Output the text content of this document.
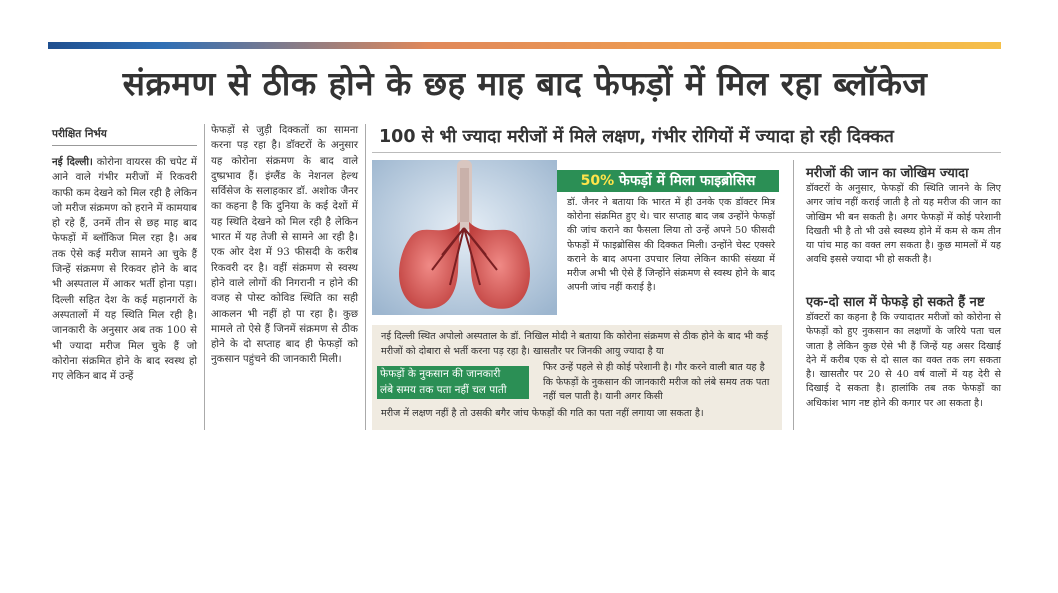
संक्रमण से ठीक होने के छह माह बाद फेफड़ों में मिल रहा ब्लॉकेज
परीक्षित निर्भय
नई दिल्ली। कोरोना वायरस की चपेट में आने वाले गंभीर मरीजों में रिकवरी काफी कम देखने को मिल रही है लेकिन जो मरीज संक्रमण को हराने में कामयाब हो रहे हैं, उनमें तीन से छह माह बाद फेफड़ों में ब्लॉकिज मिल रहा है। अब तक ऐसे कई मरीज सामने आ चुके हैं जिन्हें संक्रमण से रिकवर होने के बाद भी अस्पताल में आकर भर्ती होना पड़ा। दिल्ली सहित देश के कई महानगरों के अस्पतालों में यह स्थिति मिल रही है। जानकारी के अनुसार अब तक 100 से भी ज्यादा मरीज मिल चुके हैं जो कोरोना संक्रमित होने के बाद स्वस्थ हो गए लेकिन बाद में उन्हें
फेफड़ों से जुड़ी दिक्कतों का सामना करना पड़ रहा है। डॉक्टरों के अनुसार यह कोरोना संक्रमण के बाद वाले दुष्प्रभाव हैं। इंग्लैंड के नेशनल हेल्थ सर्विसेज के सलाहकार डॉ. अशोक जैनर का कहना है कि दुनिया के कई देशों में यह स्थिति देखने को मिल रही है लेकिन भारत में यह तेजी से सामने आ रही है। एक ओर देश में 93 फीसदी के करीब रिकवरी दर है। वहीं संक्रमण से स्वस्थ होने वाले लोगों की निगरानी न होने की वजह से पोस्ट कोविड स्थिति का सही आकलन भी नहीं हो पा रहा है। कुछ मामले तो ऐसे हैं जिनमें संक्रमण से ठीक होने के दो सप्ताह बाद ही फेफड़ों को नुकसान पहुंचने की जानकारी मिली।
100 से भी ज्यादा मरीजों में मिले लक्षण, गंभीर रोगियों में ज्यादा हो रही दिक्कत
50% फेफड़ों में मिला फाइब्रोसिस
डॉ. जैनर ने बताया कि भारत में ही उनके एक डॉक्टर मित्र कोरोना संक्रमित हुए थे। चार सप्ताह बाद जब उन्होंने फेफड़ों की जांच कराने का फैसला लिया तो उन्हें अपने 50 फीसदी फेफड़ों में फाइब्रोसिस की दिक्कत मिली। उन्होंने चेस्ट एक्सरे कराने के बाद अपना उपचार लिया लेकिन काफी संख्या में मरीज अभी भी ऐसे हैं जिन्होंने संक्रमण से स्वस्थ होने के बाद अपनी जांच नहीं कराई है।
नई दिल्ली स्थित अपोलो अस्पताल के डॉ. निखिल मोदी ने बताया कि कोरोना संक्रमण से ठीक होने के बाद भी कई मरीजों को दोबारा से भर्ती करना पड़ रहा है। खासतौर पर जिनकी आयु ज्यादा है या
फिर उन्हें पहले से ही कोई परेशानी है। गौर करने वाली बात यह है कि फेफड़ों के नुकसान की जानकारी मरीज को लंबे समय तक पता नहीं चल पाती है। यानी अगर किसी
मरीज में लक्षण नहीं है तो उसकी बगैर जांच फेफड़ों की गति का पता नहीं लगाया जा सकता है।
फेफड़ों के नुकसान की जानकारी
लंबे समय तक पता नहीं चल पाती
मरीजों की जान का जोखिम ज्यादा
डॉक्टरों के अनुसार, फेफड़ों की स्थिति जानने के लिए अगर जांच नहीं कराई जाती है तो यह मरीज की जान का जोखिम भी बन सकती है। अगर फेफड़ों में कोई परेशानी दिखती भी है तो भी उसे स्वस्थ्य होने में कम से कम तीन या पांच माह का वक्त लग सकता है। कुछ मामलों में यह अवधि इससे ज्यादा भी हो सकती है।
एक-दो साल में फेफड़े हो सकते हैं नष्ट
डॉक्टरों का कहना है कि ज्यादातर मरीजों को कोरोना से फेफड़ों को हुए नुकसान का लक्षणों के जरिये पता चल जाता है लेकिन कुछ ऐसे भी हैं जिन्हें यह असर दिखाई देने में करीब एक से दो साल का वक्त तक लग सकता है। खासतौर पर 20 से 40 वर्ष वालों में यह देरी से दिखाई दे सकता है। हालांकि तब तक फेफड़ों का अधिकांश भाग नष्ट होने की कगार पर आ सकता है।
